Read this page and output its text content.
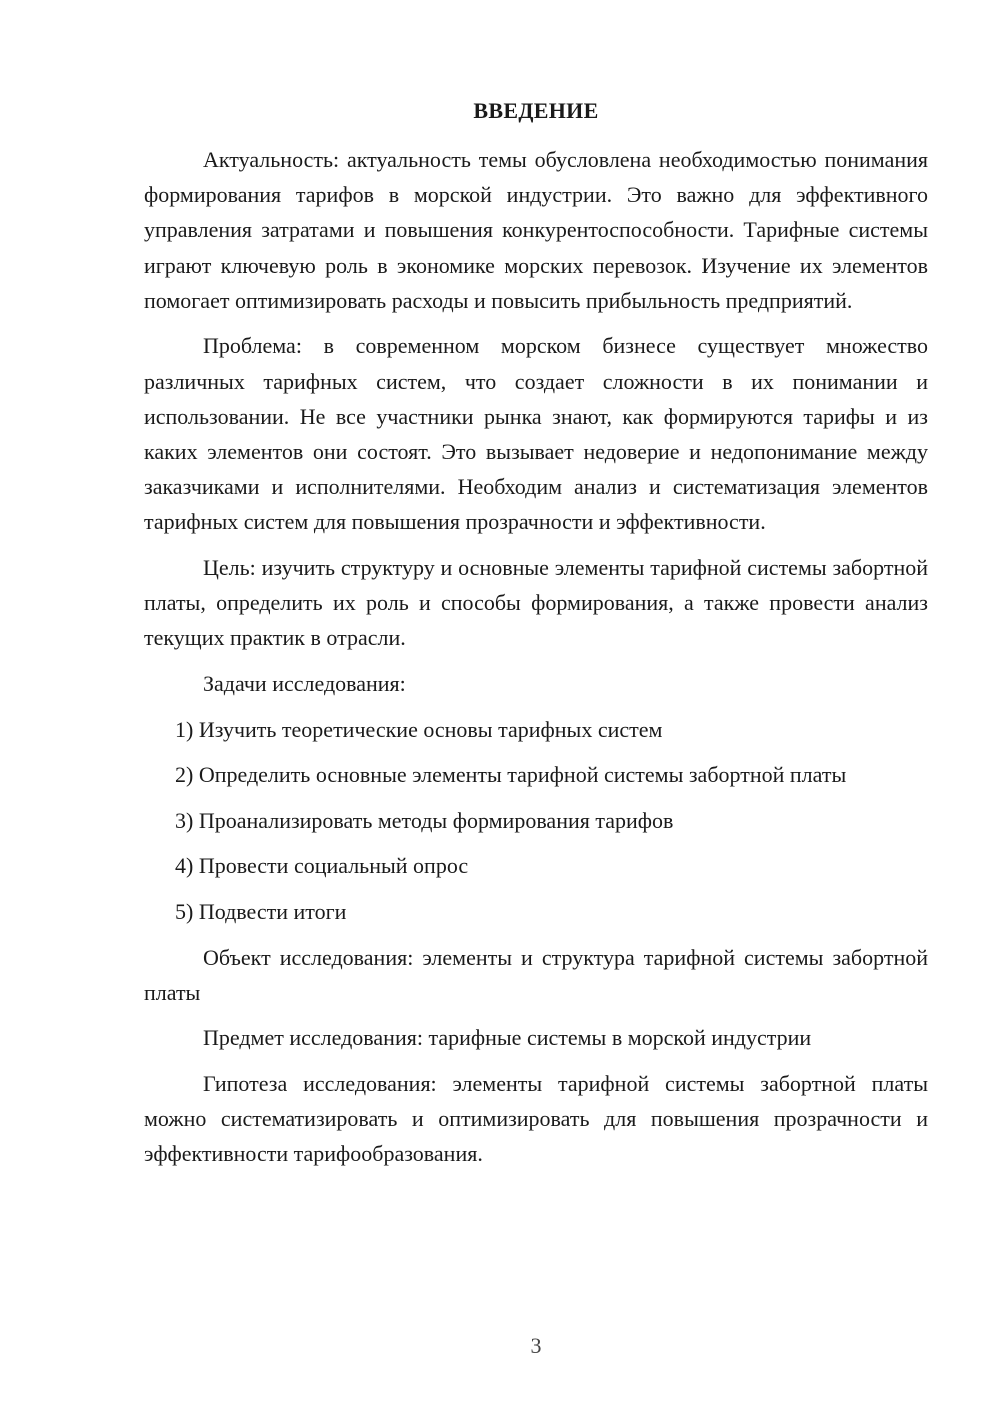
ВВЕДЕНИЕ

Актуальность: актуальность темы обусловлена необходимостью понимания формирования тарифов в морской индустрии. Это важно для эффективного управления затратами и повышения конкурентоспособности. Тарифные системы играют ключевую роль в экономике морских перевозок. Изучение их элементов помогает оптимизировать расходы и повысить прибыльность предприятий.

Проблема: в современном морском бизнесе существует множество различных тарифных систем, что создает сложности в их понимании и использовании. Не все участники рынка знают, как формируются тарифы и из каких элементов они состоят. Это вызывает недоверие и недопонимание между заказчиками и исполнителями. Необходим анализ и систематизация элементов тарифных систем для повышения прозрачности и эффективности.

Цель: изучить структуру и основные элементы тарифной системы забортной платы, определить их роль и способы формирования, а также провести анализ текущих практик в отрасли.

Задачи исследования:

1) Изучить теоретические основы тарифных систем

2) Определить основные элементы тарифной системы забортной платы

3) Проанализировать методы формирования тарифов

4) Провести социальный опрос

5) Подвести итоги

Объект исследования: элементы и структура тарифной системы забортной платы

Предмет исследования: тарифные системы в морской индустрии

Гипотеза исследования: элементы тарифной системы забортной платы можно систематизировать и оптимизировать для повышения прозрачности и эффективности тарифообразования.

3
